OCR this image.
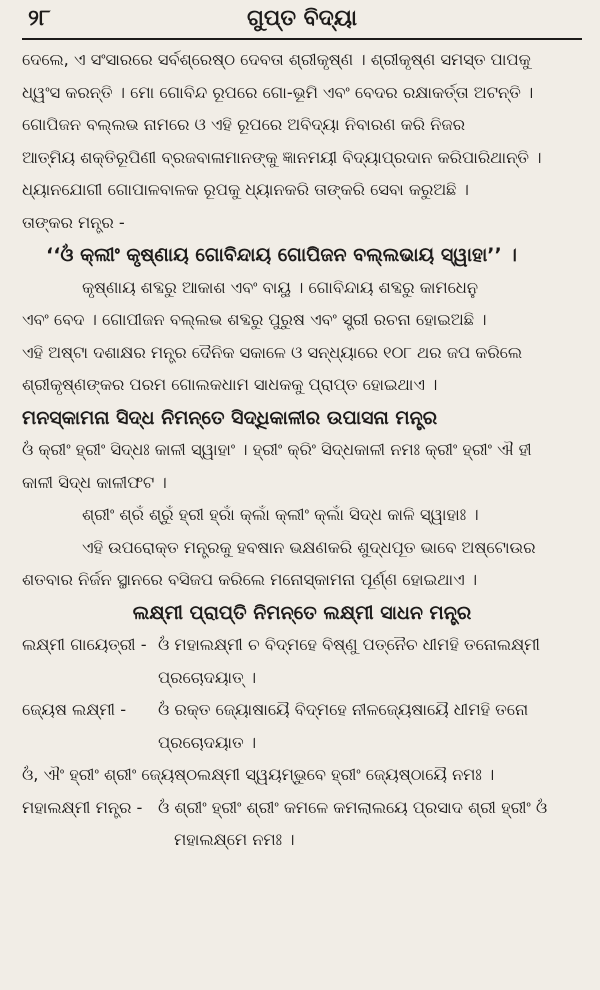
୨୮	ଗୁପ୍ତ ବିଦ୍ୟା
ଦେଲେ, ଏ ସଂସାରରେ ସର୍ବଶ୍ରେଷ୍ଠ ଦେବତା ଶ୍ରୀକୃଷ୍ଣ । ଶ୍ରୀକୃଷ୍ଣ ସମସ୍ତ ପାପକୁ
ଧ୍ୱଂସ କରନ୍ତି । ମୋ ଗୋବିନ୍ଦ ରୂପରେ ଗୋ-ଭୂମି ଏବଂ ବେଦର ରକ୍ଷାକର୍ତ୍ତା ଅଟନ୍ତି ।
ଗୋପିଜନ ବଲ୍ଲଭ ନାମରେ ଓ ଏହି ରୂପରେ ଅବିଦ୍ୟା ନିବାରଣ କରି ନିଜର
ଆତ୍ମିୟ ଶକ୍ତିରୂପିଣୀ ବ୍ରଜବାଳାମାନଙ୍କୁ ଜ୍ଞାନମୟୀ ବିଦ୍ୟାପ୍ରଦାନ କରିପାରିଥାନ୍ତି ।
ଧ୍ୟାନଯୋଗୀ ଗୋପାଳବାଳକ ରୂପକୁ ଧ୍ୟାନକରି ତାଙ୍କରି ସେବା କରୁଅଛି ।
ତାଙ୍କର ମନ୍ତ୍ର -
‘‘ଓଁ କ୍ଲୀଂ କୃଷ୍ଣାୟ ଗୋବିନ୍ଦାୟ ଗୋପିଜନ ବଲ୍ଲଭାୟ ସ୍ୱାହା’’ ।
କୃଷ୍ଣାୟ ଶବ୍ଦରୁ ଆକାଶ ଏବଂ ବାୟୁ । ଗୋବିନ୍ଦାୟ ଶବ୍ଦରୁ କାମଧେନୁ
ଏବଂ ବେଦ । ଗୋପୀଜନ ବଲ୍ଲଭ ଶବ୍ଦରୁ ପୁରୁଷ ଏବଂ ସ୍ତ୍ରୀ ରଚନା ହୋଇଅଛି ।
ଏହି ଅଷ୍ଟା ଦଶାକ୍ଷର ମନ୍ତ୍ର ଦୈନିକ ସକାଳେ ଓ ସନ୍ଧ୍ୟାରେ ୧୦୮ ଥର ଜପ କରିଲେ
ଶ୍ରୀକୃଷ୍ଣଙ୍କର ପରମ ଗୋଲକଧାମ ସାଧକକୁ ପ୍ରାପ୍ତ ହୋଇଥାଏ ।
ମନସ୍କାମନା ସିଦ୍ଧ ନିମନ୍ତେ ସିଦ୍ଧିକାଳୀର ଉପାସନା ମନ୍ତ୍ର
ଓଁ କ୍ରୀଂ ହ୍ରୀଂ ସିଦ୍ଧଃ କାଳୀ ସ୍ୱାହାଂ । ହ୍ରୀଂ କ୍ରିଂ ସିଦ୍ଧକାଳୀ ନମଃ କ୍ରୀଂ ହ୍ରୀଂ ଐ ହୀ
କାଳୀ ସିଦ୍ଧ କାଳୀଫଟ ।
ଶ୍ରୀଂ ଶ୍ରଁ ଶ୍ରୁଁ ହ୍ରୀ ହ୍ରାଁ କ୍ଲାଁ କ୍ଲୀଂ କ୍ଲାଁ ସିଦ୍ଧ କାଳି ସ୍ୱାହାଃ ।
ଏହି ଉପରୋକ୍ତ ମନ୍ତ୍ରକୁ ହବଷାନ ଭକ୍ଷଣକରି ଶୁଦ୍ଧପୂତ ଭାବେ ଅଷ୍ଟୋଉର
ଶତବାର ନିର୍ଜନ ସ୍ଥାନରେ ବସିଜପ କରିଲେ ମନୋସ୍କାମନା ପୂର୍ଣ୍ଣ ହୋଇଥାଏ ।
ଲକ୍ଷ୍ମୀ ପ୍ରାପ୍ତି ନିମନ୍ତେ ଲକ୍ଷ୍ମୀ ସାଧନ ମନ୍ତ୍ର
ଲକ୍ଷ୍ମୀ ଗାୟେତ୍ରୀ - ଓଁ ମହାଲକ୍ଷ୍ମୀ ଚ ବିଦ୍ମହେ ବିଷ୍ଣୁ ପତ୍ନୈଚ ଧୀମହି ତନୋଲକ୍ଷ୍ମୀ
ପ୍ରଚୋଦୟାତ୍ ।
ଜ୍ୟେଷ ଲକ୍ଷ୍ମୀ -	ଓଁ ରକ୍ତ ଜ୍ୟୋଷାୟୈ ବିଦ୍ମହେ ନୀଳଜ୍ୟେଷାୟୈ ଧୀମହି ତନୋ
ପ୍ରଚୋଦୟାତ ।
ଓଁ, ଐଂ ହ୍ରୀଂ ଶ୍ରୀଂ ଜ୍ୟେଷ୍ଠଲକ୍ଷ୍ମୀ ସ୍ୱୟମ୍ଭୁବେ ହ୍ରୀଂ ଜ୍ୟେଷ୍ଠାୟୈ ନମଃ ।
ମହାଲକ୍ଷ୍ମୀ ମନ୍ତ୍ର - ଓଁ ଶ୍ରୀଂ ହ୍ରୀଂ ଶ୍ରୀଂ କମଳେ କମଲାଲୟେ ପ୍ରସାଦ ଶ୍ରୀ ହ୍ରୀଂ ଓଁ
ମହାଲକ୍ଷ୍ମେ ନମଃ ।
